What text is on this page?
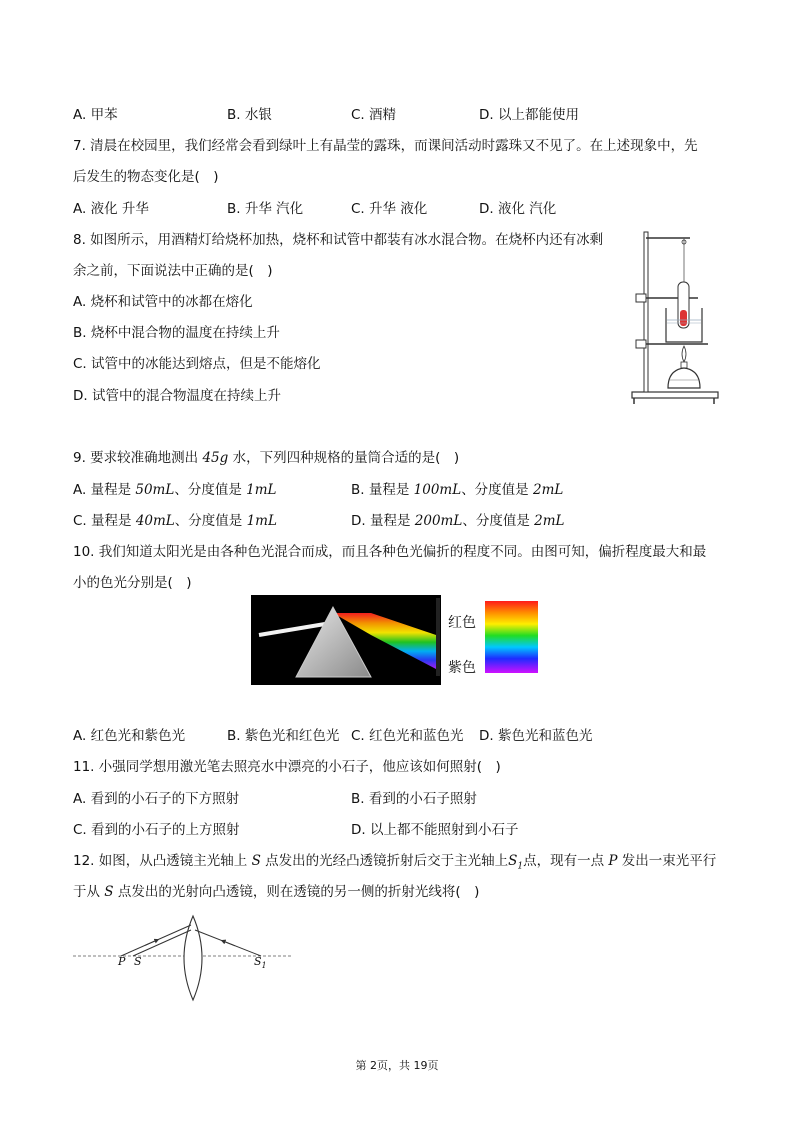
A. 甲苯	B. 水银	C. 酒精	D. 以上都能使用
7. 清晨在校园里，我们经常会看到绿叶上有晶莹的露珠，而课间活动时露珠又不见了。在上述现象中，先
后发生的物态变化是(　)
A. 液化 升华	B. 升华 汽化	C. 升华 液化	D. 液化 汽化
8. 如图所示，用酒精灯给烧杯加热，烧杯和试管中都装有冰水混合物。在烧杯内还有冰剩
余之前，下面说法中正确的是(　)
A. 烧杯和试管中的冰都在熔化
B. 烧杯中混合物的温度在持续上升
C. 试管中的冰能达到熔点，但是不能熔化
D. 试管中的混合物温度在持续上升
9. 要求较准确地测出 45g 水，下列四种规格的量筒合适的是(　)
A. 量程是 50mL、分度值是 1mL	B. 量程是 100mL、分度值是 2mL
C. 量程是 40mL、分度值是 1mL	D. 量程是 200mL、分度值是 2mL
10. 我们知道太阳光是由各种色光混合而成，而且各种色光偏折的程度不同。由图可知，偏折程度最大和最
小的色光分别是(　)
红色
紫色
A. 红色光和紫色光	B. 紫色光和红色光 C. 红色光和蓝色光 D. 紫色光和蓝色光
11. 小强同学想用激光笔去照亮水中漂亮的小石子，他应该如何照射(　)
A. 看到的小石子的下方照射	B. 看到的小石子照射
C. 看到的小石子的上方照射	D. 以上都不能照射到小石子
12. 如图，从凸透镜主光轴上 S 点发出的光经凸透镜折射后交于主光轴上$S_1$点，现有一点 P 发出一束光平行
于从 S 点发出的光射向凸透镜，则在透镜的另一侧的折射光线将(　)
P S	$S_1$
第 2页，共 19页
